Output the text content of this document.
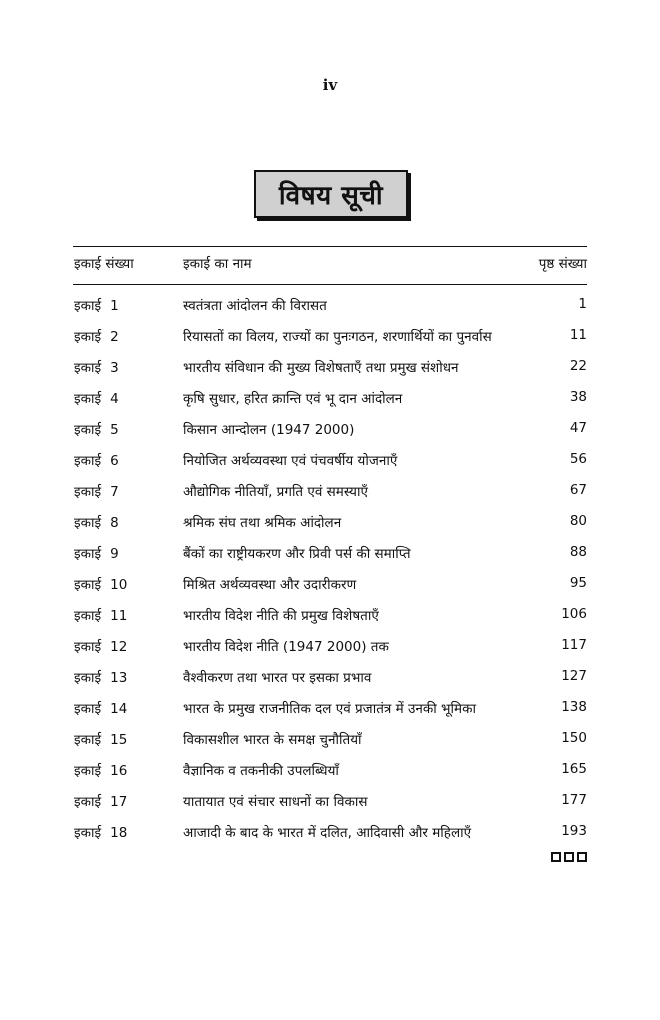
iv
विषय सूची
इकाई संख्या	इकाई का नाम	पृष्ठ संख्या
इकाई 1	स्वतंत्रता आंदोलन की विरासत	1
इकाई 2	रियासतों का विलय, राज्यों का पुनःगठन, शरणार्थियों का पुनर्वास	11
इकाई 3	भारतीय संविधान की मुख्य विशेषताएँ तथा प्रमुख संशोधन	22
इकाई 4	कृषि सुधार, हरित क्रान्ति एवं भू दान आंदोलन	38
इकाई 5	किसान आन्दोलन (1947 2000)	47
इकाई 6	नियोजित अर्थव्यवस्था एवं पंचवर्षीय योजनाएँ	56
इकाई 7	औद्योगिक नीतियाँ, प्रगति एवं समस्याएँ	67
इकाई 8	श्रमिक संघ तथा श्रमिक आंदोलन	80
इकाई 9	बैंकों का राष्ट्रीयकरण और प्रिवी पर्स की समाप्ति	88
इकाई 10	मिश्रित अर्थव्यवस्था और उदारीकरण	95
इकाई 11	भारतीय विदेश नीति की प्रमुख विशेषताएँ	106
इकाई 12	भारतीय विदेश नीति (1947 2000) तक	117
इकाई 13	वैश्वीकरण तथा भारत पर इसका प्रभाव	127
इकाई 14	भारत के प्रमुख राजनीतिक दल एवं प्रजातंत्र में उनकी भूमिका	138
इकाई 15	विकासशील भारत के समक्ष चुनौतियाँ	150
इकाई 16	वैज्ञानिक व तकनीकी उपलब्धियाँ	165
इकाई 17	यातायात एवं संचार साधनों का विकास	177
इकाई 18	आजादी के बाद के भारत में दलित, आदिवासी और महिलाएँ	193
